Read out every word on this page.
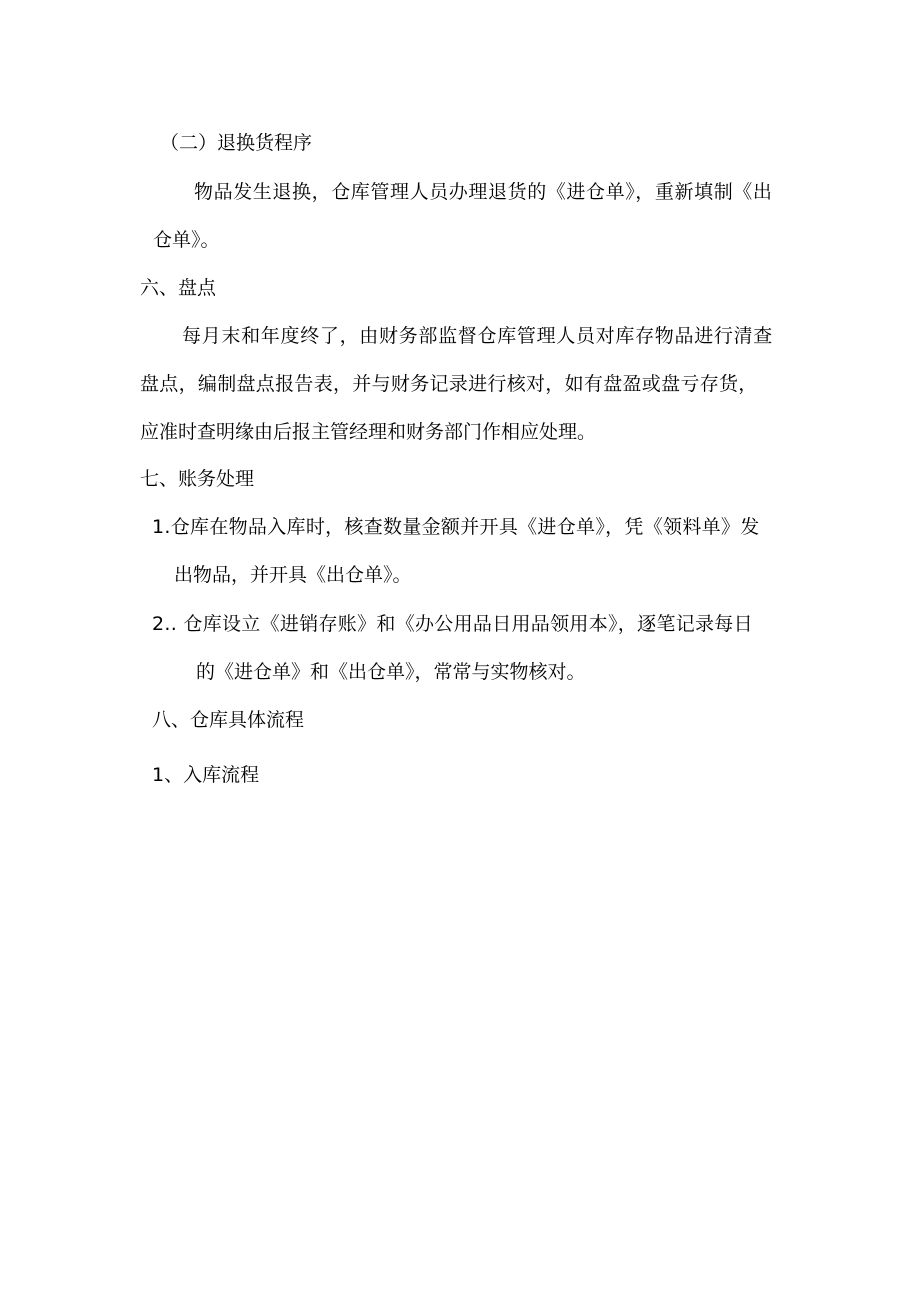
（二）退换货程序

物品发生退换，仓库管理人员办理退货的《进仓单》，重新填制《出

仓单》。

六、盘点

每月末和年度终了，由财务部监督仓库管理人员对库存物品进行清查

盘点，编制盘点报告表，并与财务记录进行核对，如有盘盈或盘亏存货，

应准时查明缘由后报主管经理和财务部门作相应处理。

七、账务处理

1.仓库在物品入库时，核查数量金额并开具《进仓单》，凭《领料单》发

出物品，并开具《出仓单》。

2.. 仓库设立《进销存账》和《办公用品日用品领用本》，逐笔记录每日

的《进仓单》和《出仓单》，常常与实物核对。

八、仓库具体流程

1、入库流程
